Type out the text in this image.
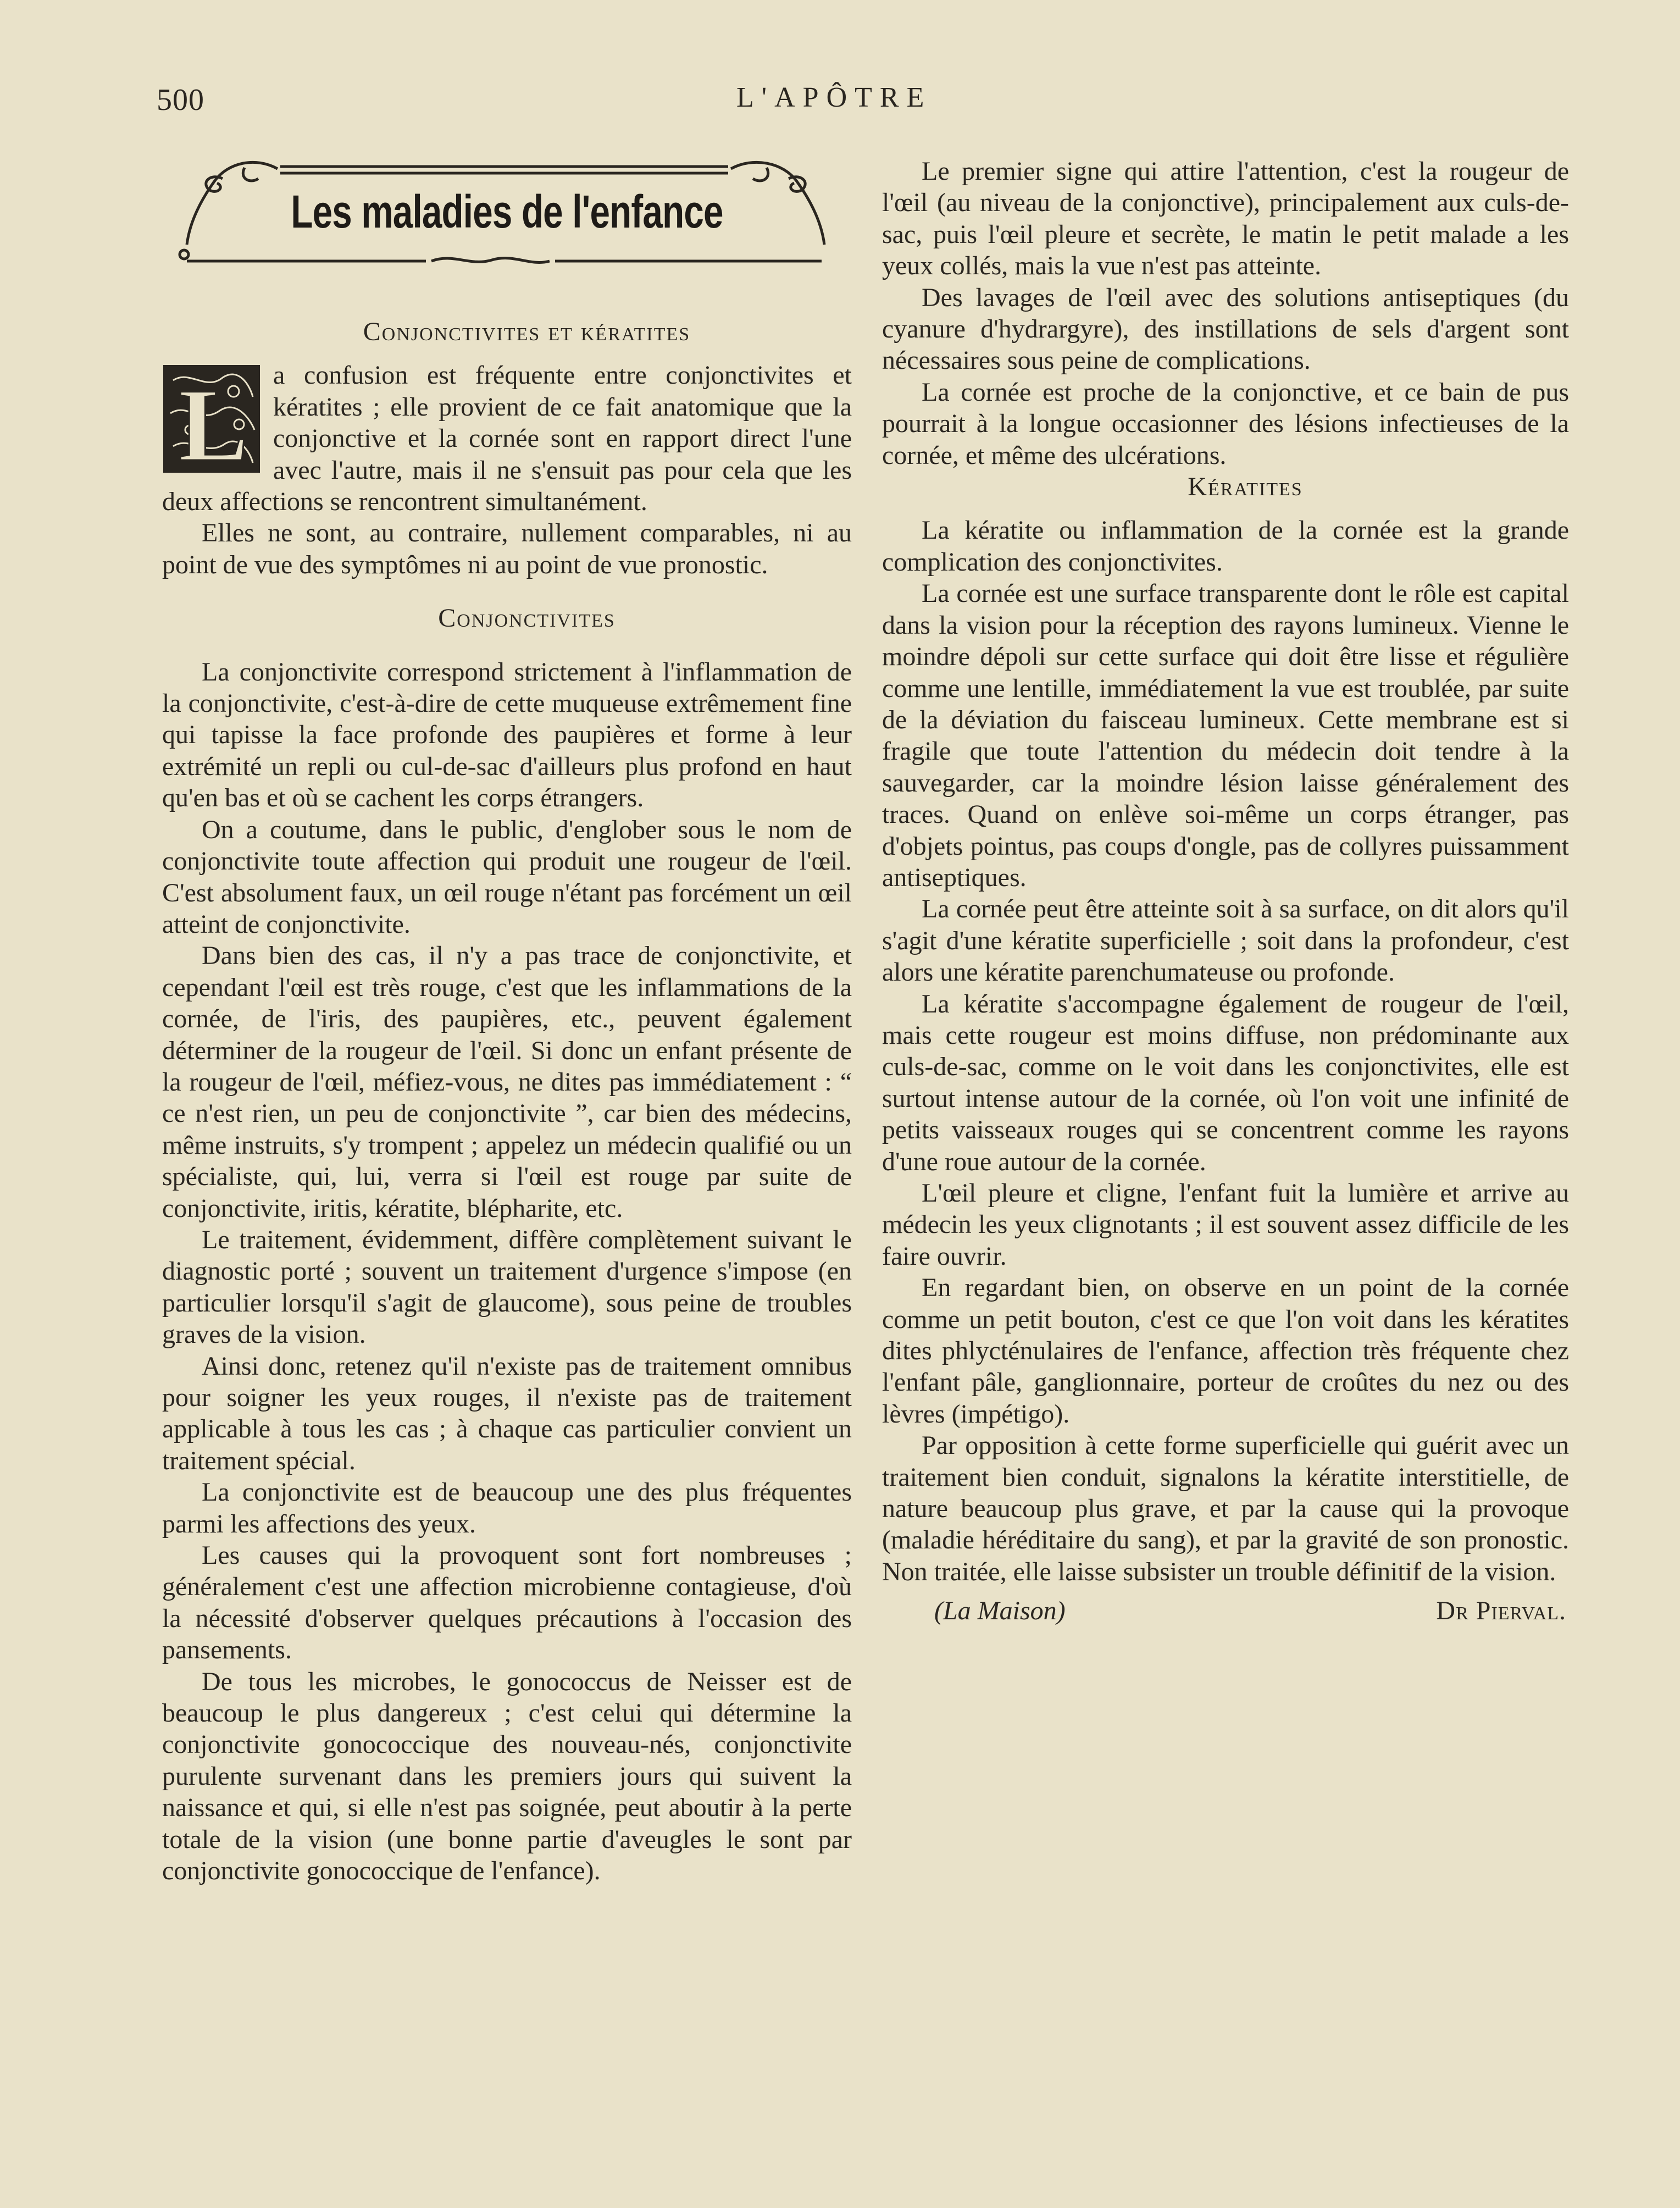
500	L'APÔTRE
Les maladies de l'enfance

Conjonctivites et kératites

L a confusion est fréquente entre conjonctivites et kératites ; elle provient de ce fait anatomique que la conjonctive et la cornée sont en rapport direct l'une avec l'autre, mais il ne s'ensuit pas pour cela que les deux affections se rencontrent simultanément.

Elles ne sont, au contraire, nullement comparables, ni au point de vue des symptômes ni au point de vue pronostic.

Conjonctivites

La conjonctivite correspond strictement à l'inflammation de la conjonctivite, c'est-à-dire de cette muqueuse extrêmement fine qui tapisse la face profonde des paupières et forme à leur extrémité un repli ou cul-de-sac d'ailleurs plus profond en haut qu'en bas et où se cachent les corps étrangers.

On a coutume, dans le public, d'englober sous le nom de conjonctivite toute affection qui produit une rougeur de l'œil. C'est absolument faux, un œil rouge n'étant pas forcément un œil atteint de conjonctivite.

Dans bien des cas, il n'y a pas trace de conjonctivite, et cependant l'œil est très rouge, c'est que les inflammations de la cornée, de l'iris, des paupières, etc., peuvent également déterminer de la rougeur de l'œil. Si donc un enfant présente de la rougeur de l'œil, méfiez-vous, ne dites pas immédiatement : “ ce n'est rien, un peu de conjonctivite ”, car bien des médecins, même instruits, s'y trompent ; appelez un médecin qualifié ou un spécialiste, qui, lui, verra si l'œil est rouge par suite de conjonctivite, iritis, kératite, blépharite, etc.

Le traitement, évidemment, diffère complètement suivant le diagnostic porté ; souvent un traitement d'urgence s'impose (en particulier lorsqu'il s'agit de glaucome), sous peine de troubles graves de la vision.

Ainsi donc, retenez qu'il n'existe pas de traitement omnibus pour soigner les yeux rouges, il n'existe pas de traitement applicable à tous les cas ; à chaque cas particulier convient un traitement spécial.

La conjonctivite est de beaucoup une des plus fréquentes parmi les affections des yeux.

Les causes qui la provoquent sont fort nombreuses ; généralement c'est une affection microbienne contagieuse, d'où la nécessité d'observer quelques précautions à l'occasion des pansements.

De tous les microbes, le gonococcus de Neisser est de beaucoup le plus dangereux ; c'est celui qui détermine la conjonctivite gonococcique des nouveau-nés, conjonctivite purulente survenant dans les premiers jours qui suivent la naissance et qui, si elle n'est pas soignée, peut aboutir à la perte totale de la vision (une bonne partie d'aveugles le sont par conjonctivite gonococcique de l'enfance).

Le premier signe qui attire l'attention, c'est la rougeur de l'œil (au niveau de la conjonctive), principalement aux culs-de-sac, puis l'œil pleure et secrète, le matin le petit malade a les yeux collés, mais la vue n'est pas atteinte.

Des lavages de l'œil avec des solutions antiseptiques (du cyanure d'hydrargyre), des instillations de sels d'argent sont nécessaires sous peine de complications.

La cornée est proche de la conjonctive, et ce bain de pus pourrait à la longue occasionner des lésions infectieuses de la cornée, et même des ulcérations.

Kératites

La kératite ou inflammation de la cornée est la grande complication des conjonctivites.

La cornée est une surface transparente dont le rôle est capital dans la vision pour la réception des rayons lumineux. Vienne le moindre dépoli sur cette surface qui doit être lisse et régulière comme une lentille, immédiatement la vue est troublée, par suite de la déviation du faisceau lumineux. Cette membrane est si fragile que toute l'attention du médecin doit tendre à la sauvegarder, car la moindre lésion laisse généralement des traces. Quand on enlève soi-même un corps étranger, pas d'objets pointus, pas coups d'ongle, pas de collyres puissamment antiseptiques.

La cornée peut être atteinte soit à sa surface, on dit alors qu'il s'agit d'une kératite superficielle ; soit dans la profondeur, c'est alors une kératite parenchumateuse ou profonde.

La kératite s'accompagne également de rougeur de l'œil, mais cette rougeur est moins diffuse, non prédominante aux culs-de-sac, comme on le voit dans les conjonctivites, elle est surtout intense autour de la cornée, où l'on voit une infinité de petits vaisseaux rouges qui se concentrent comme les rayons d'une roue autour de la cornée.

L'œil pleure et cligne, l'enfant fuit la lumière et arrive au médecin les yeux clignotants ; il est souvent assez difficile de les faire ouvrir.

En regardant bien, on observe en un point de la cornée comme un petit bouton, c'est ce que l'on voit dans les kératites dites phlycténulaires de l'enfance, affection très fréquente chez l'enfant pâle, ganglionnaire, porteur de croûtes du nez ou des lèvres (impétigo).

Par opposition à cette forme superficielle qui guérit avec un traitement bien conduit, signalons la kératite interstitielle, de nature beaucoup plus grave, et par la cause qui la provoque (maladie héréditaire du sang), et par la gravité de son pronostic. Non traitée, elle laisse subsister un trouble définitif de la vision.

(La Maison)	Dr Pierval.
